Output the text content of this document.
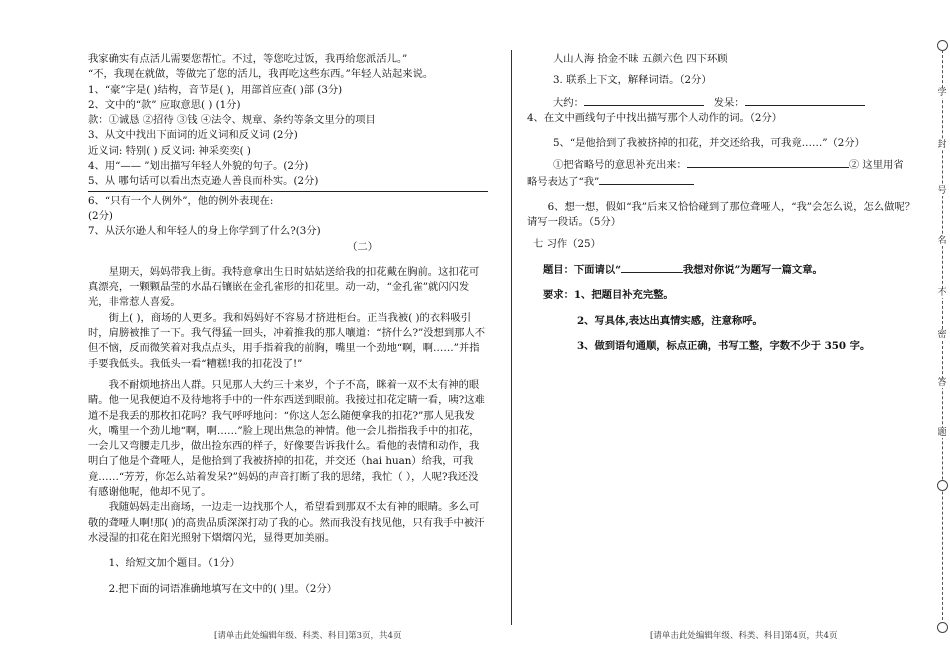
我家确实有点活儿需要您帮忙。不过，等您吃过饭，我再给您派活儿。”
“不，我现在就做，等做完了您的活儿，我再吃这些东西。”年轻人站起来说。
1、“豪”字是( )结构，音节是( )，用部首应查( )部 (3分)
2、文中的“款” 应取意思( ) (1分)
款：①诚恳 ②招待 ③钱 ④法令、规章、条约等条文里分的项目
3、从文中找出下面词的近义词和反义词 (2分)
近义词: 特别( ) 反义词: 神采奕奕( )
4、用“—— ”划出描写年轻人外貌的句子。(2分)
5、从 哪句话可以看出杰克逊人善良而朴实。(2分)
6、“只有一个人例外”，他的例外表现在:
(2分)
7、从沃尔逊人和年轻人的身上你学到了什么?(3分)
（二）
星期天，妈妈带我上街。我特意拿出生日时姑姑送给我的扣花戴在胸前。这扣花可真漂亮，一颗颗晶莹的水晶石镶嵌在金孔雀形的扣花里。动一动，“金孔雀”就闪闪发光，非常惹人喜爱。
街上( )，商场的人更多。我和妈妈好不容易才挤进柜台。正当我被( )的衣料吸引时，肩膀被推了一下。我气得猛一回头，冲着推我的那人嚷道：“挤什么?”没想到那人不但不恼，反而微笑着对我点点头，用手指着我的前胸，嘴里一个劲地“啊，啊……”并指手要我低头。我低头一看“糟糕!我的扣花没了!”
我不耐烦地挤出人群。只见那人大约三十来岁，个子不高，眯着一双不太有神的眼睛。他一见我便迫不及待地将手中的一件东西送到眼前。我接过扣花定睛一看，咦?这难道不是我丢的那枚扣花吗？我气呼呼地问：“你这人怎么随便拿我的扣花?”那人见我发火，嘴里一个劲儿地“啊，啊……”脸上现出焦急的神情。他一会儿指指我手中的扣花，一会儿又弯腰走几步，做出捡东西的样子，好像要告诉我什么。看他的表情和动作，我明白了他是个聋哑人，是他拾到了我被挤掉的扣花，并交还（hai huan）给我，可我竟……“芳芳，你怎么站着发呆?”妈妈的声音打断了我的思绪，我忙（ ），人呢?我还没有感谢他呢，他却不见了。
我随妈妈走出商场，一边走一边找那个人，希望看到那双不太有神的眼睛。多么可敬的聋哑人啊!那( )的高贵品质深深打动了我的心。然而我没有找见他，只有我手中被汗水浸湿的扣花在阳光照射下熠熠闪光，显得更加美丽。
1、给短文加个题目。（1分）
2.把下面的词语准确地填写在文中的( )里。（2分）
人山人海 拾金不昧 五颜六色 四下环顾
3. 联系上下文，解释词语。（2分）
大约：	发呆：
4、在文中画线句子中找出描写那个人动作的词。（2分）
5、“是他拾到了我被挤掉的扣花，并交还给我，可我竟……”（2分）
①把省略号的意思补充出来：	② 这里用省
略号表达了“我”
6、想一想，假如“我”后来又恰恰碰到了那位聋哑人，“我”会怎么说，怎么做呢？请写一段话。（5分）
七 习作（25）
题目：下面请以“	我想对你说”为题写一篇文章。
要求：1、把题目补充完整。
2、写具体,表达出真情实感，注意称呼。
3、做到语句通顺，标点正确，书写工整，字数不少于 350 字。
学
封
号
名
不
密
答
题
[请单击此处编辑年级、科类、科目]第3页，共4页	[请单击此处编辑年级、科类、科目]第4页，共4页
